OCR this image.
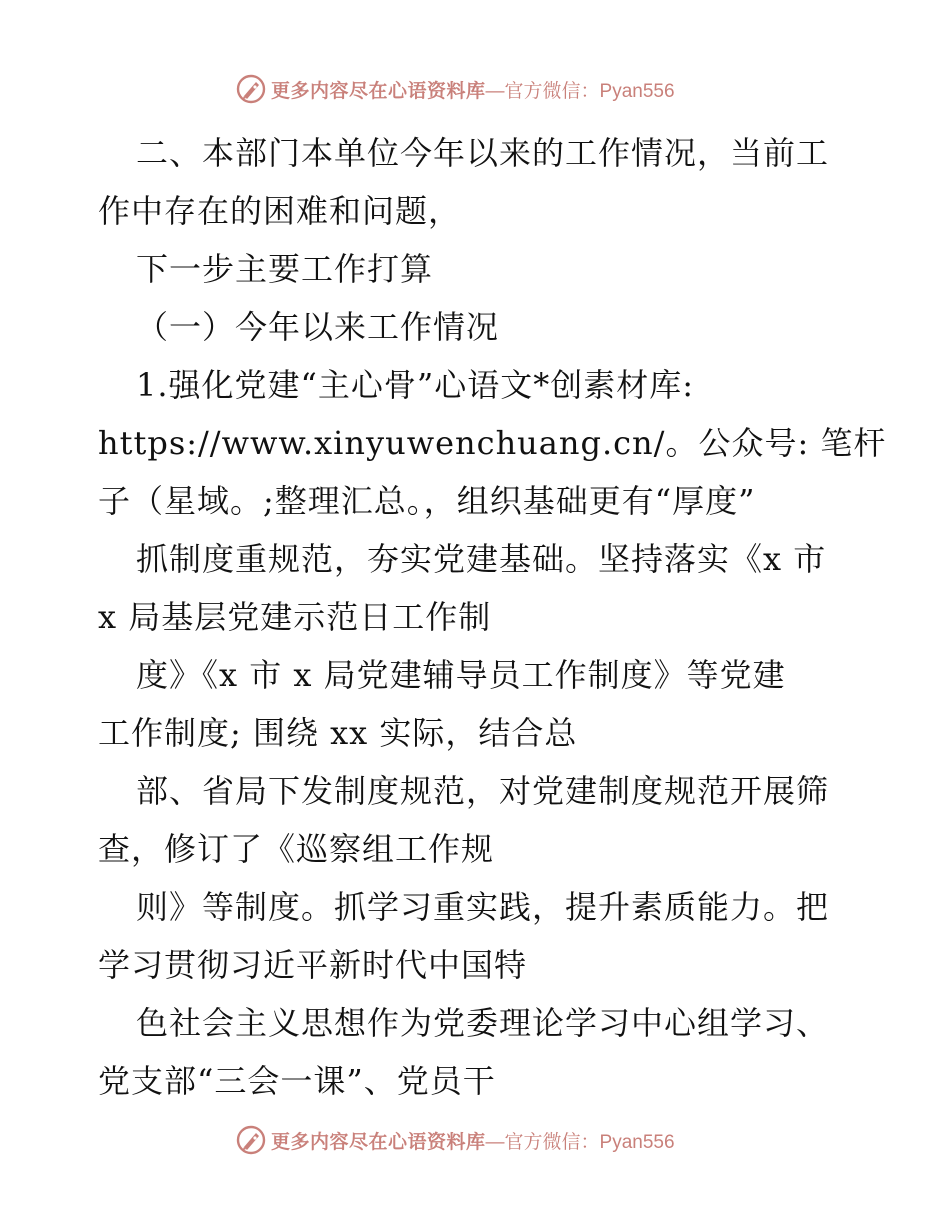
更多内容尽在心语资料库 —官方微信：Pyan556
二、本部门本单位今年以来的工作情况，当前工
作中存在的困难和问题，
下一步主要工作打算
（一）今年以来工作情况
1.强化党建“主心骨”心语文*创素材库:
https://www.xinyuwenchuang.cn/。公众号: 笔杆
子（星域。;整理汇总。，组织基础更有“厚度”
抓制度重规范，夯实党建基础。坚持落实《x 市
x 局基层党建示范日工作制
度》《x 市 x 局党建辅导员工作制度》等党建
工作制度; 围绕 xx 实际，结合总
部、省局下发制度规范，对党建制度规范开展筛
查，修订了《巡察组工作规
则》等制度。抓学习重实践，提升素质能力。把
学习贯彻习近平新时代中国特
色社会主义思想作为党委理论学习中心组学习、
党支部“三会一课”、党员干
更多内容尽在心语资料库 —官方微信：Pyan556
